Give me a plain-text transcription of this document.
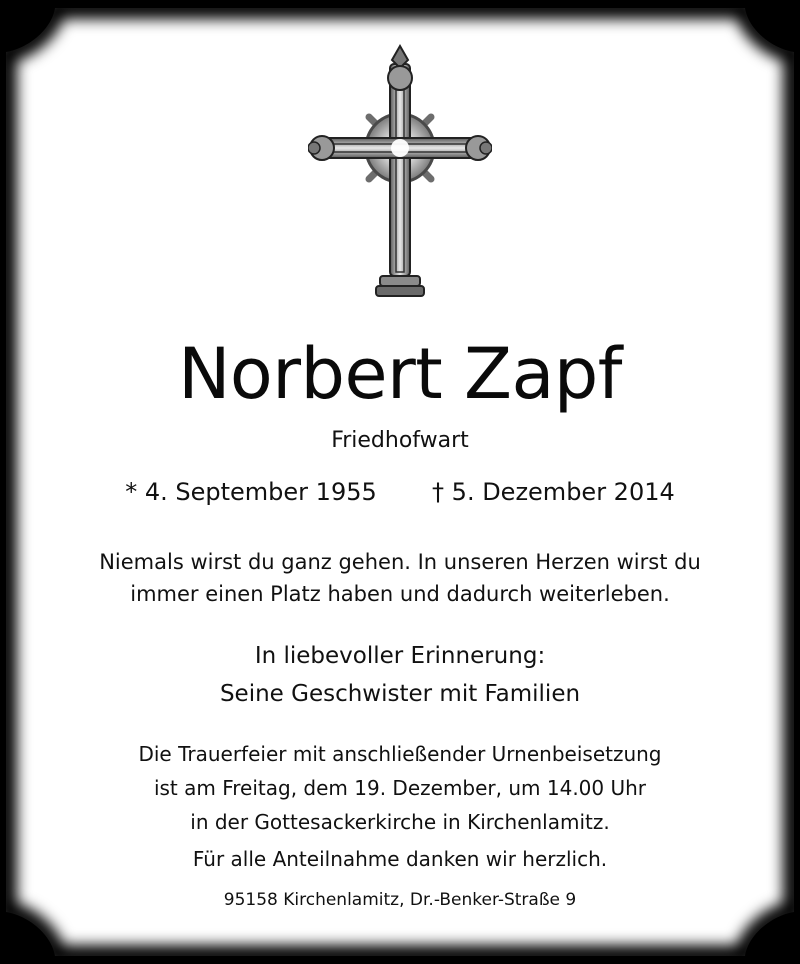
Norbert Zapf
Friedhofwart
* 4. September 1955 † 5. Dezember 2014
Niemals wirst du ganz gehen. In unseren Herzen wirst du
immer einen Platz haben und dadurch weiterleben.
In liebevoller Erinnerung:
Seine Geschwister mit Familien
Die Trauerfeier mit anschließender Urnenbeisetzung
ist am Freitag, dem 19. Dezember, um 14.00 Uhr
in der Gottesackerkirche in Kirchenlamitz.
Für alle Anteilnahme danken wir herzlich.
95158 Kirchenlamitz, Dr.-Benker-Straße 9
